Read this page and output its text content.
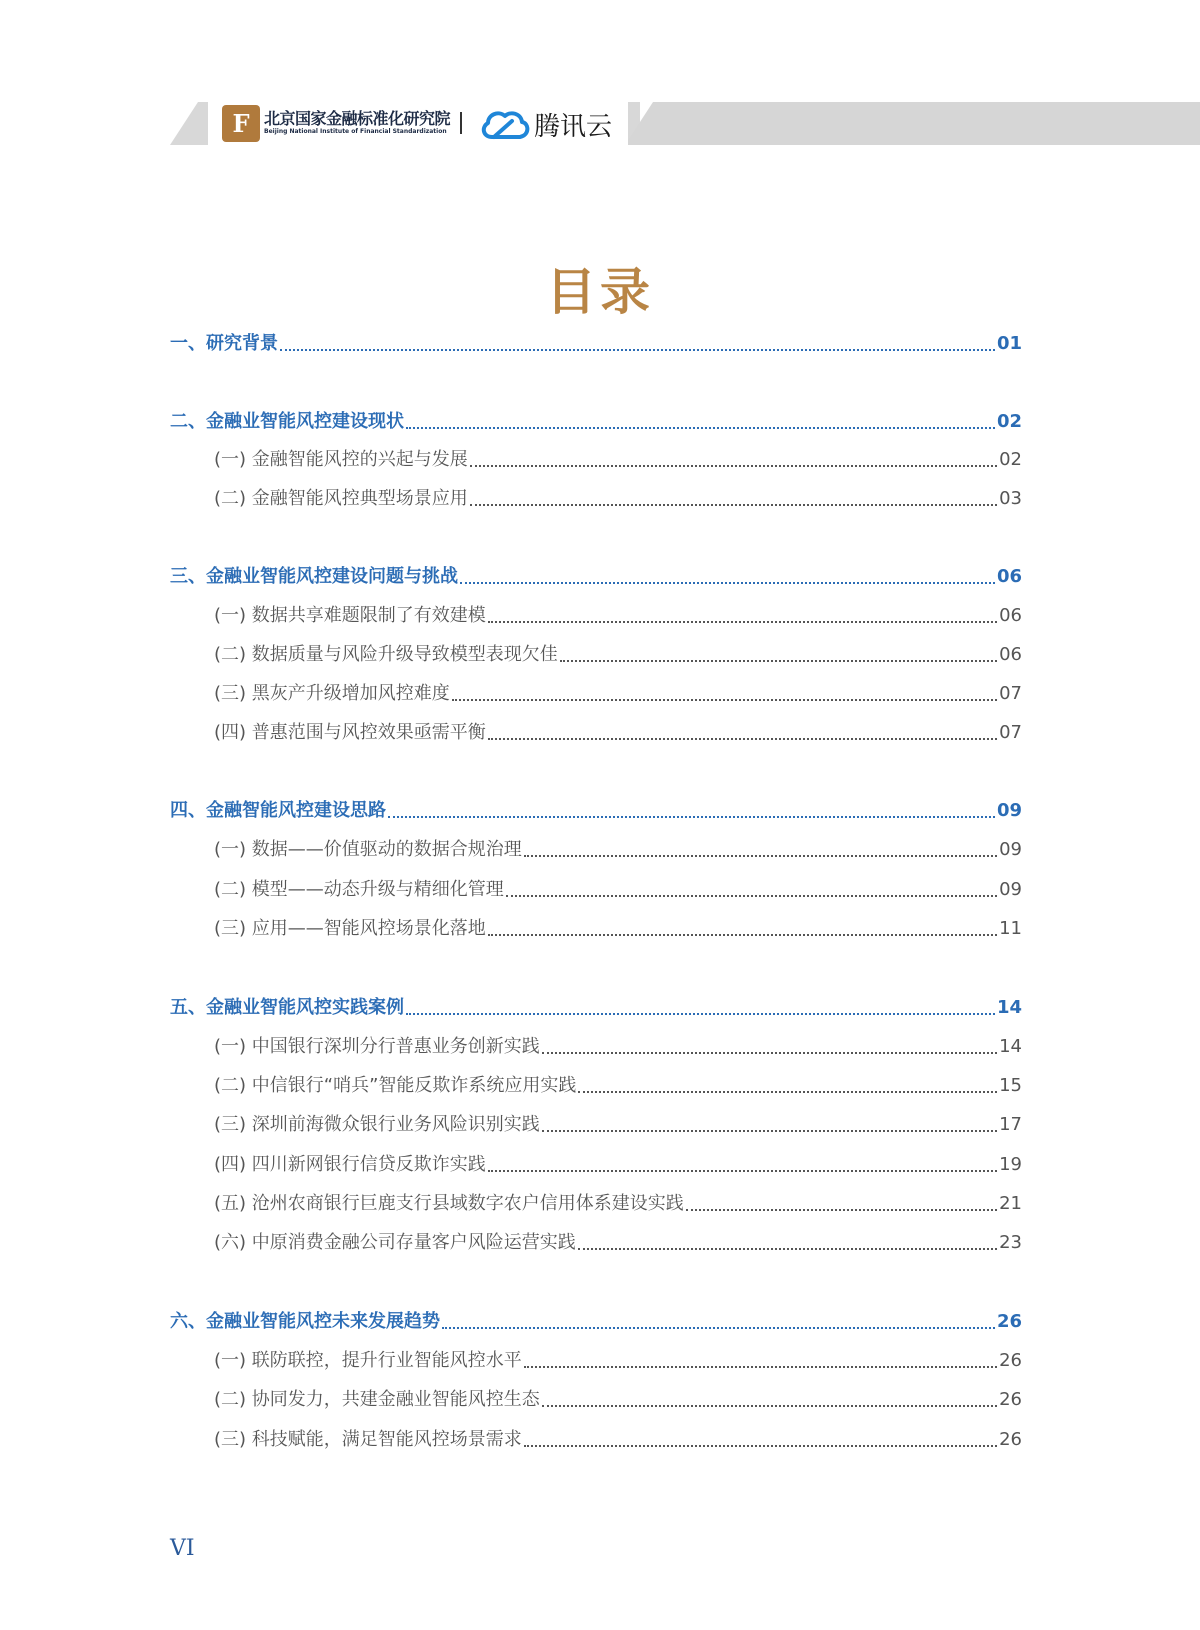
F 北京国家金融标准化研究院
Beijing National Institute of Financial Standardization	腾讯云
目录
一、研究背景	01
二、金融业智能风控建设现状	02
(一) 金融智能风控的兴起与发展	02
(二) 金融智能风控典型场景应用	03
三、金融业智能风控建设问题与挑战	06
(一) 数据共享难题限制了有效建模	06
(二) 数据质量与风险升级导致模型表现欠佳	06
(三) 黑灰产升级增加风控难度	07
(四) 普惠范围与风控效果亟需平衡	07
四、金融智能风控建设思路	09
(一) 数据——价值驱动的数据合规治理	09
(二) 模型——动态升级与精细化管理	09
(三) 应用——智能风控场景化落地	11
五、金融业智能风控实践案例	14
(一) 中国银行深圳分行普惠业务创新实践	14
(二) 中信银行“哨兵”智能反欺诈系统应用实践	15
(三) 深圳前海微众银行业务风险识别实践	17
(四) 四川新网银行信贷反欺诈实践	19
(五) 沧州农商银行巨鹿支行县域数字农户信用体系建设实践	21
(六) 中原消费金融公司存量客户风险运营实践	23
六、金融业智能风控未来发展趋势	26
(一) 联防联控，提升行业智能风控水平	26
(二) 协同发力，共建金融业智能风控生态	26
(三) 科技赋能，满足智能风控场景需求	26
VI
